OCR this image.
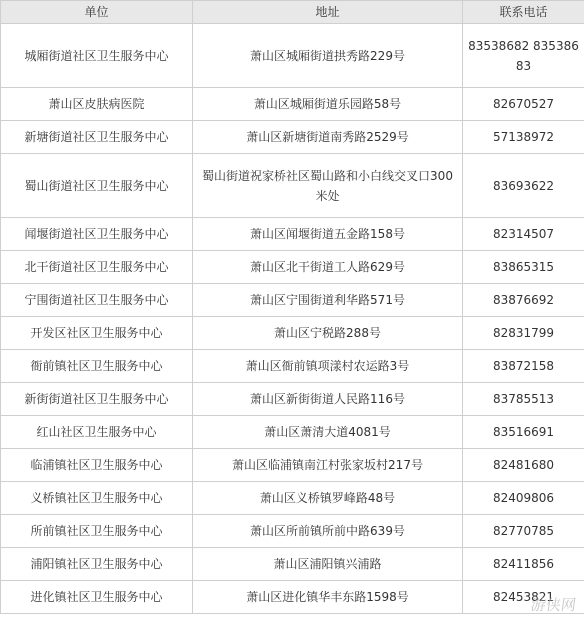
单位	地址	联系电话
城厢街道社区卫生服务中心	萧山区城厢街道拱秀路229号	83538682 83538683
萧山区皮肤病医院	萧山区城厢街道乐园路58号	82670527
新塘街道社区卫生服务中心	萧山区新塘街道南秀路2529号	57138972
蜀山街道社区卫生服务中心	蜀山街道祝家桥社区蜀山路和小白线交叉口300米处	83693622
闻堰街道社区卫生服务中心	萧山区闻堰街道五金路158号	82314507
北干街道社区卫生服务中心	萧山区北干街道工人路629号	83865315
宁围街道社区卫生服务中心	萧山区宁围街道利华路571号	83876692
开发区社区卫生服务中心	萧山区宁税路288号	82831799
衙前镇社区卫生服务中心	萧山区衙前镇项漾村农运路3号	83872158
新街街道社区卫生服务中心	萧山区新街街道人民路116号	83785513
红山社区卫生服务中心	萧山区萧清大道4081号	83516691
临浦镇社区卫生服务中心	萧山区临浦镇南江村张家坂村217号	82481680
义桥镇社区卫生服务中心	萧山区义桥镇罗峰路48号	82409806
所前镇社区卫生服务中心	萧山区所前镇所前中路639号	82770785
浦阳镇社区卫生服务中心	萧山区浦阳镇兴浦路	82411856
进化镇社区卫生服务中心	萧山区进化镇华丰东路1598号	82453821
游侠网
